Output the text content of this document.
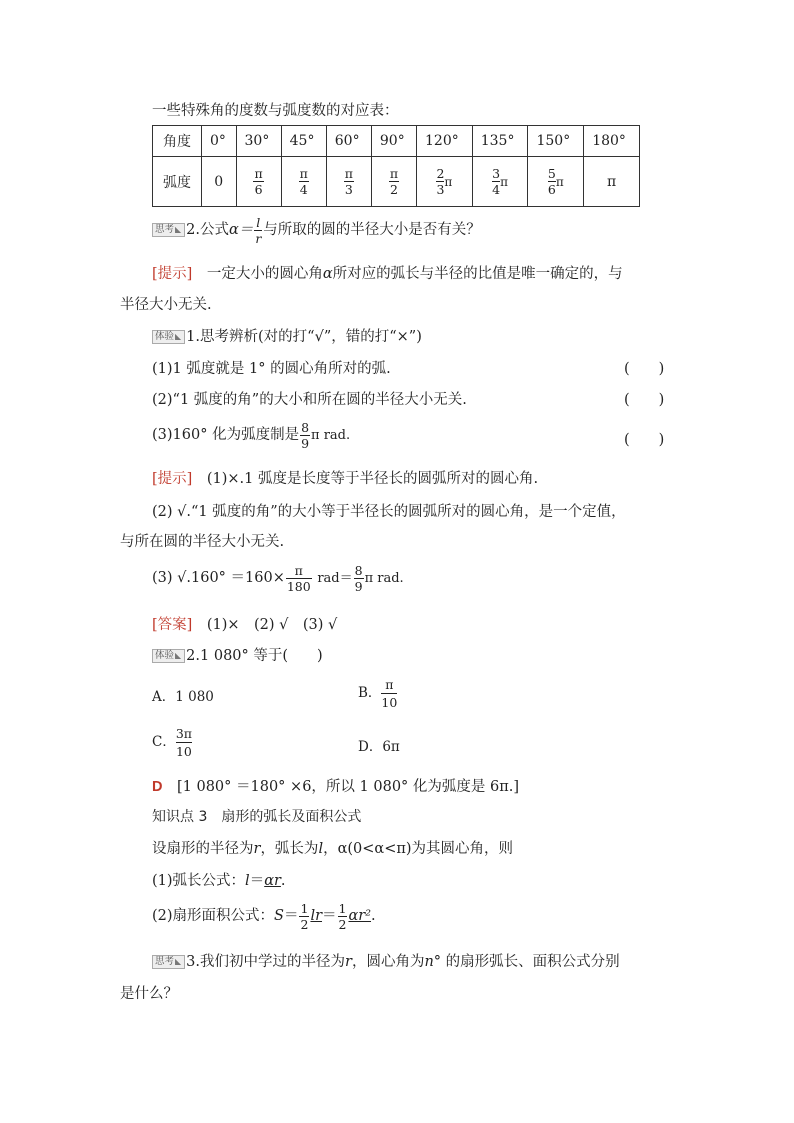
一些特殊角的度数与弧度数的对应表：
角度	0°	30°	45°	60°	90°	120°	135°	150°	180°
弧度	0	$\frac{\pi}{6}$	$\frac{\pi}{4}$	$\frac{\pi}{3}$	$\frac{\pi}{2}$	$\frac{2}{3}$ π	$\frac{3}{4}$ π	$\frac{5}{6}$ π	π
思考 ◣ 2.公式$\alpha= \frac{l}{r}$ 与所取的圆的半径大小是否有关？
[提示]　 一定大小的圆心角α所对应的弧长与半径的比值是唯一确定的，与
半径大小无关.
体验 ◣ 1.思考辨析(对的打“√”，错的打“×”)
(1)1 弧度就是 1° 的圆心角所对的弧.	(　　)
(2)“1 弧度的角”的大小和所在圆的半径大小无关.	(　　)
(3)160° 化为弧度制是 $\frac{8}{9}$ π rad.	(　　)
[提示]　 (1)×.1 弧度是长度等于半径长的圆弧所对的圆心角.
(2) √.“1 弧度的角”的大小等于半径长的圆弧所对的圆心角，是一个定值，
与所在圆的半径大小无关.
(3) $√.160^\circ =160\times \frac{\pi}{180} rad= \frac{8}{9}$ π rad.
[答案]　 (1)×　(2) √　(3) √
体验 ◣ 2.1 080° 等于(　　)
A．1 080	B． $\frac{\pi}{10}$
C． $\frac{3\pi}{10}$	D．6π
D　 [1 080° ＝180° ×6，所以 1 080° 化为弧度是 6π.]
知识点 3　扇形的弧长及面积公式
设扇形的半径为r，弧长为l，α(0<α<π)为其圆心角，则
(1)弧长公式：l＝αr.
(2)扇形面积公式：$S= \frac{1}{2} lr= \frac{1}{2} \alpha r^2$.
思考 ◣ 3.我们初中学过的半径为r，圆心角为n° 的扇形弧长、面积公式分别
是什么？
